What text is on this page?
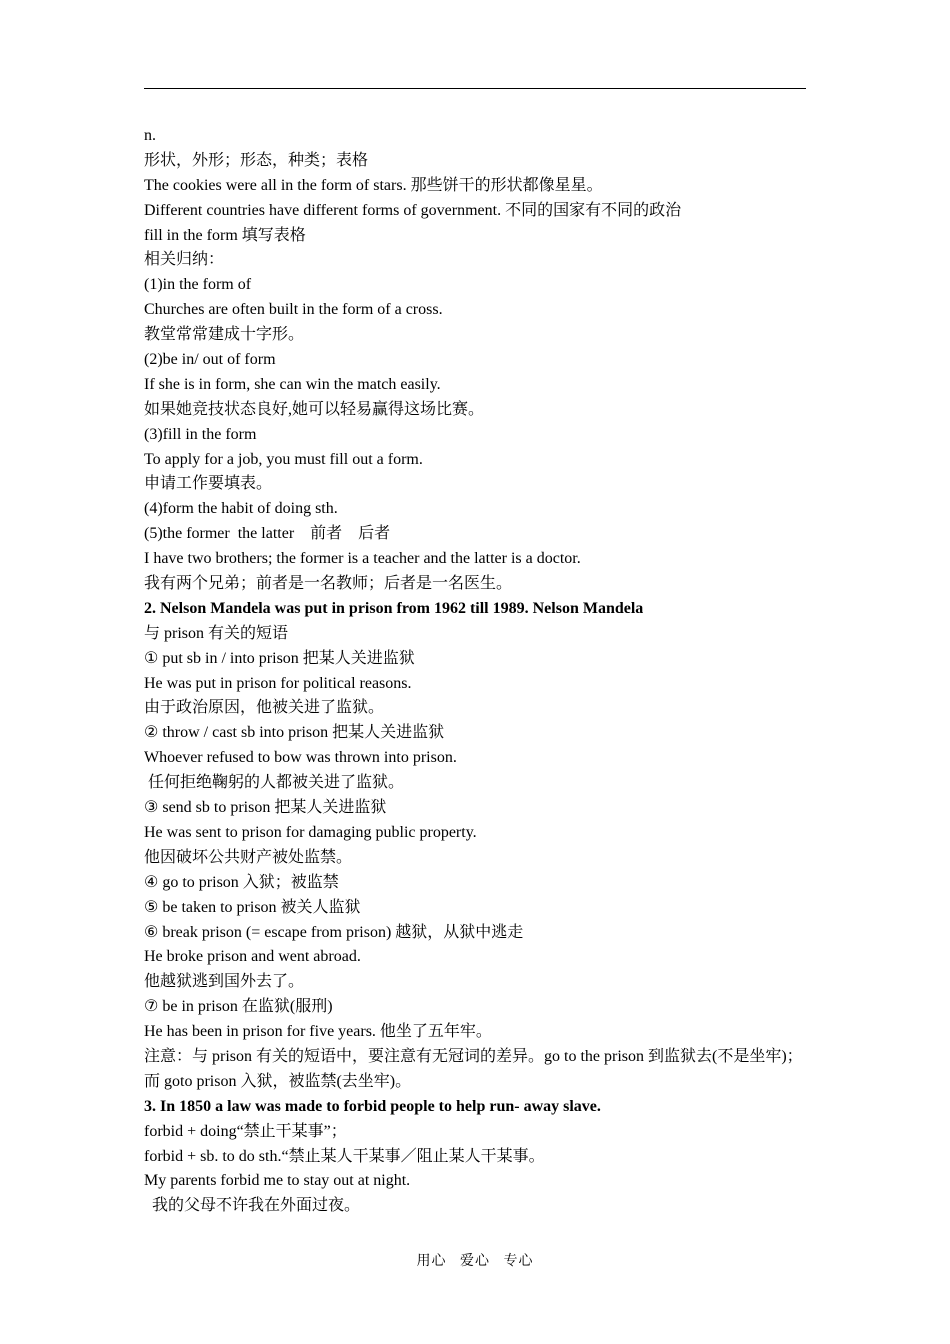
n.
形状，外形；形态，种类；表格
The cookies were all in the form of stars. 那些饼干的形状都像星星。
Different countries have different forms of government. 不同的国家有不同的政治
fill in the form 填写表格
相关归纳：
(1)in the form of
Churches are often built in the form of a cross.
教堂常常建成十字形。
(2)be in/ out of form
If she is in form, she can win the match easily.
如果她竞技状态良好,她可以轻易赢得这场比赛。
(3)fill in the form
To apply for a job, you must fill out a form.
申请工作要填表。
(4)form the habit of doing sth.
(5)the former  the latter    前者    后者
I have two brothers; the former is a teacher and the latter is a doctor.
我有两个兄弟；前者是一名教师；后者是一名医生。
2. Nelson Mandela was put in prison from 1962 till 1989. Nelson Mandela
与 prison 有关的短语
① put sb in / into prison 把某人关进监狱
He was put in prison for political reasons.
由于政治原因，他被关进了监狱。
② throw / cast sb into prison 把某人关进监狱
Whoever refused to bow was thrown into prison.
任何拒绝鞠躬的人都被关进了监狱。
③ send sb to prison 把某人关进监狱
He was sent to prison for damaging public property.
他因破坏公共财产被处监禁。
④ go to prison 入狱；被监禁
⑤ be taken to prison 被关人监狱
⑥ break prison (= escape from prison) 越狱，从狱中逃走
He broke prison and went abroad.
他越狱逃到国外去了。
⑦ be in prison 在监狱(服刑)
He has been in prison for five years. 他坐了五年牢。
注意：与 prison 有关的短语中，要注意有无冠词的差异。go to the prison 到监狱去(不是坐牢)；
而 goto prison 入狱，被监禁(去坐牢)。
3. In 1850 a law was made to forbid people to help run- away slave.
forbid + doing“禁止干某事”；
forbid + sb. to do sth.“禁止某人干某事／阻止某人干某事。
My parents forbid me to stay out at night.
我的父母不许我在外面过夜。
用心   爱心   专心
